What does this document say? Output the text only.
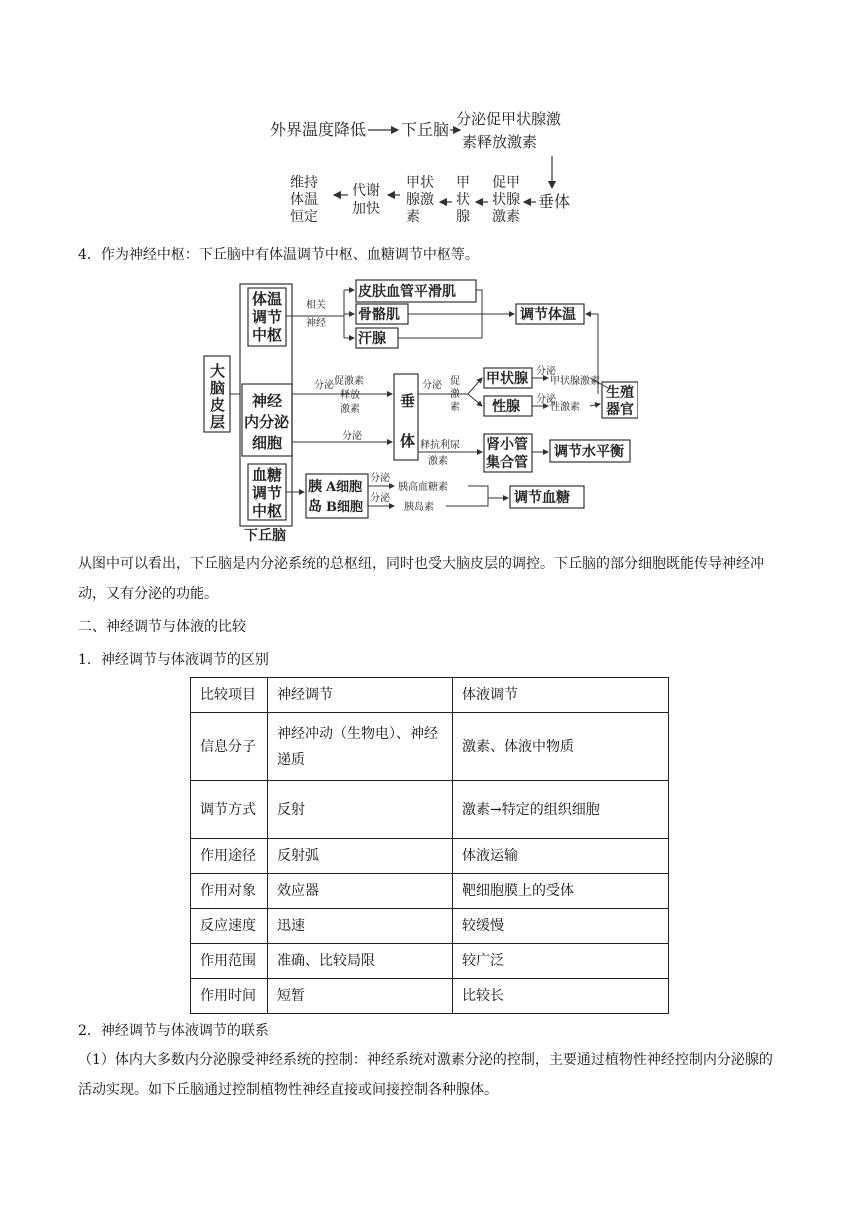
外界温度降低 下丘脑
分泌促甲状腺激
素释放激素
垂体
促甲
状腺
激素
甲
状
腺
甲状
腺激
素
代谢
加快
维持
体温
恒定
4．作为神经中枢：下丘脑中有体温调节中枢、血糖调节中枢等。
大
脑
皮
层
体温
调节
中枢
神经
内分泌
细胞
血糖
调节
中枢
下丘脑
皮肤血管平滑肌
骨骼肌
汗腺
调节体温
垂
体
甲状腺
性腺
生殖
器官
肾小管
集合管
调节水平衡
胰
岛
A细胞
B细胞
调节血糖
相关
神经
分泌 促激素
释放
激素
分泌
分泌 促
激
素
分泌
分泌
甲状腺激素
性激素
释抗利尿
激素
分泌
分泌
胰高血糖素
胰岛素
从图中可以看出，下丘脑是内分泌系统的总枢纽，同时也受大脑皮层的调控。下丘脑的部分细胞既能传导神经冲动，又有分泌的功能。
二、神经调节与体液的比较
1．神经调节与体液调节的区别
比较项目	神经调节	体液调节
信息分子	神经冲动（生物电）、神经递质	激素、体液中物质
调节方式	反射	激素→特定的组织细胞
作用途径	反射弧	体液运输
作用对象	效应器	靶细胞膜上的受体
反应速度	迅速	较缓慢
作用范围	准确、比较局限	较广泛
作用时间	短暂	比较长
2．神经调节与体液调节的联系
（1）体内大多数内分泌腺受神经系统的控制：神经系统对激素分泌的控制，主要通过植物性神经控制内分泌腺的活动实现。如下丘脑通过控制植物性神经直接或间接控制各种腺体。
